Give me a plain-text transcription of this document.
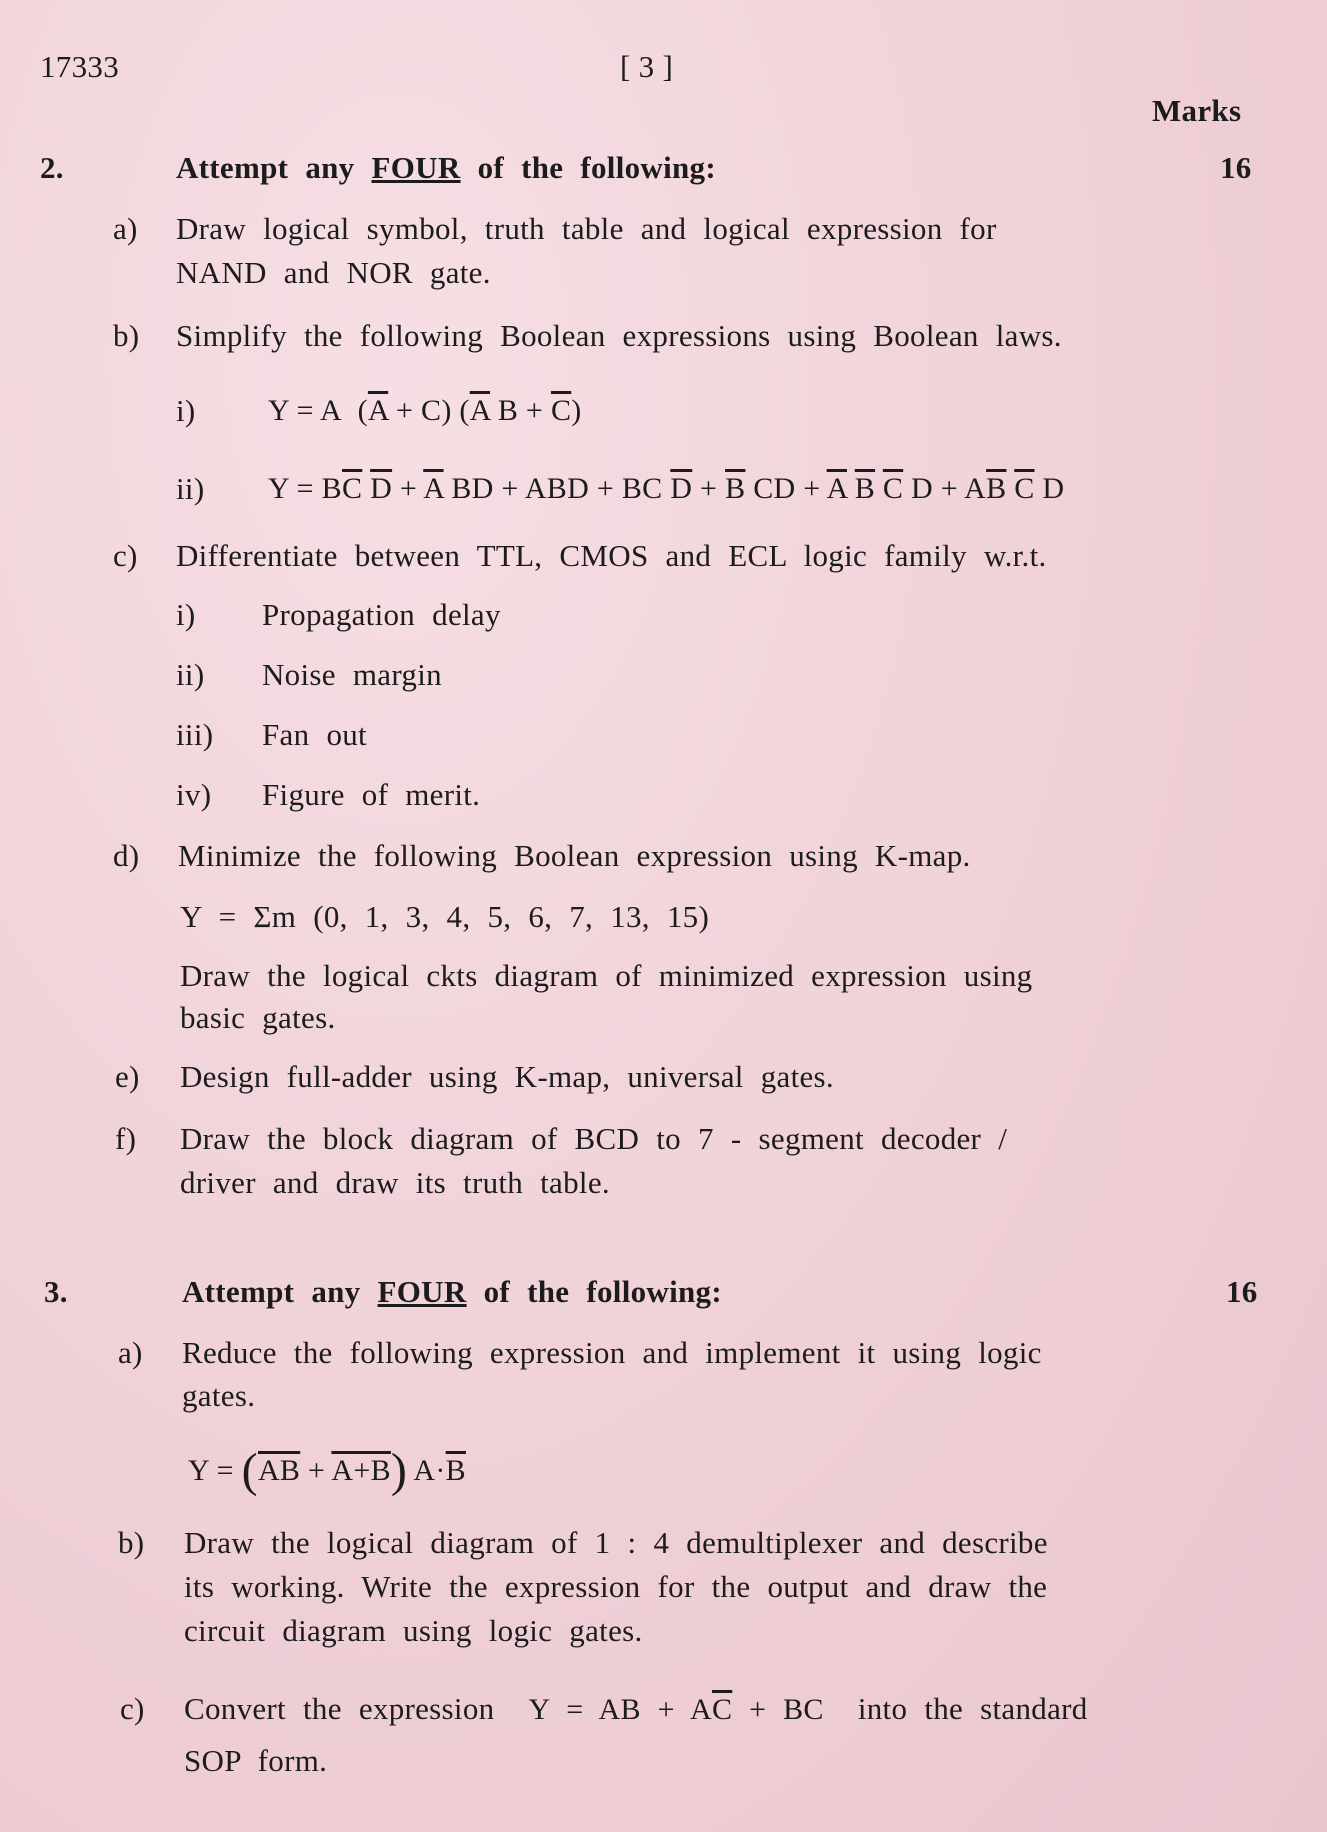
17333	[ 3 ]
Marks
2.	Attempt any FOUR of the following:	16
a) Draw logical symbol, truth table and logical expression for
NAND and NOR gate.
b) Simplify the following Boolean expressions using Boolean laws.
i) Y = A  $(\overline{A} + C)$ ($\overline{A}$ $B + \overline{C}$)
ii) $Y = B\overline{C}$ $\overline{D} + \overline{A}$ BD + ABD + BC $\overline{D} + \overline{B}$ CD + $\overline{A}$ $\overline{B}$ $\overline{C}$ $D + A\overline{B}$ $\overline{C}$ D
c) Differentiate between TTL, CMOS and ECL logic family w.r.t.
i) Propagation delay
ii) Noise margin
iii) Fan out
iv) Figure of merit.
d) Minimize the following Boolean expression using K-map.
Y = Σm (0, 1, 3, 4, 5, 6, 7, 13, 15)
Draw the logical ckts diagram of minimized expression using
basic gates.
e) Design full-adder using K-map, universal gates.
f) Draw the block diagram of BCD to 7 - segment decoder /
driver and draw its truth table.
3.	Attempt any FOUR of the following:	16
a) Reduce the following expression and implement it using logic
gates.
$Y = (\overline{AB} + A+B)$ $A\cdot\overline{B}$
b) Draw the logical diagram of 1 : 4 demultiplexer and describe
its working. Write the expression for the output and draw the
circuit diagram using logic gates.
c) Convert the expression Y = AB + $A\overline{C}$ + BC into the standard
SOP form.
